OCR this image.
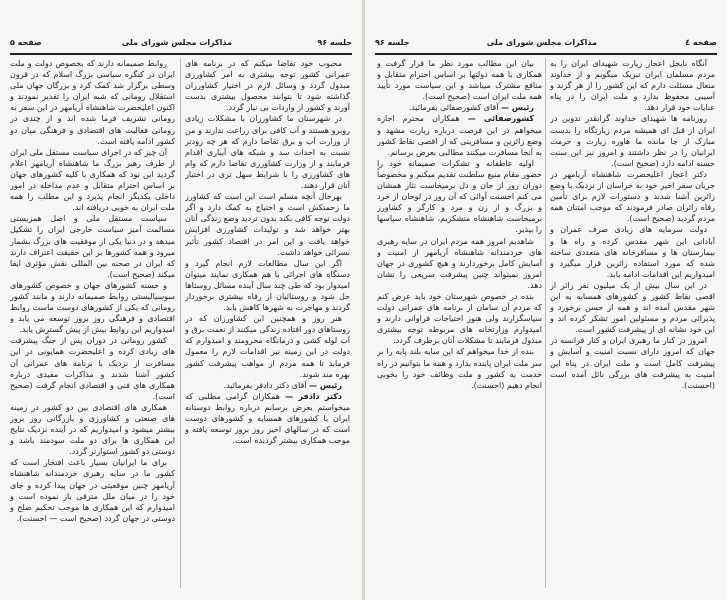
جلسه ۹۶
مذاکرات مجلس شورای ملی
صفحه ۵

محبوب خود تقاضا میکنم که در برنامه های عمرانی کشور توجه بیشتری به امر کشاورزی مبذول گردد و وسائل لازم در اختیار کشاورزان گذاشته شود تا بتوانند محصول بیشتری بدست آورند و کشور از واردات بی نیاز گردد.

در شهرستان ما کشاورزان با مشکلات زیادی روبرو هستند و آب کافی برای زراعت ندارند و من از وزارت آب و برق تقاضا دارم که هر چه زودتر نسبت به احداث سد و شبکه های آبیاری اقدام فرمایند و از وزارت کشاورزی تقاضا دارم که وام های کشاورزی را با شرایط سهل تری در اختیار آنان قرار دهند.

بهرحال آنچه مسلم است این است که کشاورز ما زحمتکش است و احتیاج به کمک دارد و اگر دولت توجه کافی بکند بدون تردید وضع زندگی آنان بهتر خواهد شد و تولیدات کشاورزی افزایش خواهد یافت و این امر در اقتصاد کشور تأثیر بسزائی خواهد داشت.

اگر این سال مطالعات لازم انجام گیرد و دستگاه های اجرائی با هم همکاری نمایند میتوان امیدوار بود که طی چند سال آینده مسائل روستاها حل شود و روستائیان از رفاه بیشتری برخوردار گردند و مهاجرت به شهرها کاهش یابد.

هنر روز و همچنین این کشاورزان که در روستاهای دور افتاده زندگی میکنند از نعمت برق و آب لوله کشی و درمانگاه محرومند و امیدوارم که دولت در این زمینه نیز اقدامات لازم را معمول فرماید تا همه مردم از مواهب پیشرفت کشور بهره مند شوند.

رئیس — آقای دکتر دادفر بفرمائید.

دکتر دادفر — همکاران گرامی مطلبی که میخواستم بعرض برسانم درباره روابط دوستانه ایران با کشورهای همسایه و کشورهای دوست است که در سالهای اخیر روز بروز توسعه یافته و موجب همکاری بیشتر گردیده است.

روابط صمیمانه دارند که بخصوص دولت و ملت ایران در کنگره سیاسی بزرگ اسلام که در قرون وسطی برگزار شد کمک کرد و بزرگان جهان ملی استقلال رومانی که شبه ایران را تقدیر نمودند و اکنون اعلیحضرت شاهنشاه آریامهر در این سفر به رومانی تشریف فرما شده اند و از چندی در رومانی فعالیت های اقتصادی و فرهنگی میان دو کشور ادامه یافته است.

آن چیز که در اجرای سیاست مستقل ملی ایران از طرف رهبر بزرگ ما شاهنشاه آریامهر اعلام گردید این بود که همکاری با کلیه کشورهای جهان بر اساس احترام متقابل و عدم مداخله در امور داخلی یکدیگر انجام پذیرد و این مطلب را همه ملت ایران به خوبی دریافته اند.

سیاست مستقل ملی و اصل همزیستی مسالمت آمیز سیاست خارجی ایران را تشکیل میدهد و در دنیا یکی از موفقیت های بزرگ بشمار میرود و همه کشورها بر این حقیقت اعتراف دارند که ایران در صحنه بین المللی نقش مؤثری ایفا میکند (صحیح است).

و حسنه کشورهای جهان و خصوص کشورهای سوسیالیستی روابط صمیمانه دارند و مانند کشور رومانی که یکی از کشورهای دوست ماست روابط اقتصادی و فرهنگی روز بروز توسعه می یابد و امیدواریم این روابط بیش از پیش گسترش یابد.

کشور رومانی در دوران پس از جنگ پیشرفت های زیادی کرده و اعلیحضرت همایونی در این مسافرت از نزدیک با برنامه های عمرانی آن کشور آشنا شدند و مذاکرات مفیدی درباره همکاری های فنی و اقتصادی انجام گرفت (صحیح است).

همکاری های اقتصادی بین دو کشور در زمینه های صنعتی و کشاورزی و بازرگانی روز بروز بیشتر میشود و امیدواریم که در آینده نزدیک نتایج این همکاری ها برای دو ملت سودمند باشد و دوستی دو کشور استوارتر گردد.

برای ما ایرانیان بسیار باعث افتخار است که کشور ما در سایه رهبری خردمندانه شاهنشاه آریامهر چنین موقعیتی در جهان پیدا کرده و جای خود را در میان ملل مترقی باز نموده است و امیدوارم که این همکاری ها موجب تحکیم صلح و دوستی در جهان گردد (صحیح است — احسنت).

صفحه ٤
مذاکرات مجلس شورای ملی
جلسه ۹۶

آنگاه نایجل اعجاز زیارت شهیدای ایران را به مردم مسلمان ایران تبریک میگویم و از خداوند متعال مسئلت دارم که این کشور را از هر گزند و آسیبی محفوظ بدارد و ملت ایران را در پناه عنایات خود قرار دهد.

روزنامه ها شهیدای خداوند گرانقدر تدوین در ایران از قبل ای همیشه مردم زیارتگاه را بدست مبارک از جا مانده ما هاوره زیارت و حرمت ایرانیان را در نظر داشتند و امروز نیز این سنت حسنه ادامه دارد (صحیح است).

دکتر اعجاز اعلیحضرت شاهنشاه آریامهر در جریان سفر اخیر خود به خراسان از نزدیک با وضع زائرین آشنا شدند و دستورات لازم برای تأمین رفاه زائران صادر فرمودند که موجب امتنان همه مردم گردید (صحیح است).

دولت سرمایه های زیادی صرف عمران و آبادانی این شهر مقدس کرده و راه ها و بیمارستان ها و مسافرخانه های متعددی ساخته شده که مورد استفاده زائرین قرار میگیرد و امیدواریم این اقدامات ادامه یابد.

در این سال بیش از یک میلیون نفر زائر از اقصی نقاط کشور و کشورهای همسایه به این شهر مقدس آمده اند و همه از حسن برخورد و پذیرائی مردم و مسئولین امور تشکر کرده اند و این خود نشانه ای از پیشرفت کشور است.

امروز در کنار ما رهبری ایران و کنار فرانسه در جهان که امروز دارای نسبت امنیت و آسایش و پیشرفت کامل است و ملت ایران در پناه این امنیت به پیشرفت های بزرگی نائل آمده است (احسنت).

بیان این مطالب مورد نظر ما قرار گرفت و همکاری با همه دولتها بر اساس احترام متقابل و منافع مشترک میباشد و این سیاست مورد تأیید همه ملت ایران است (صحیح است).

رئیس — آقای کشورصفائی بفرمائید.

کشورصفائی — همکاران محترم اجازه میخواهم در این فرصت درباره زیارت مشهد و وضع زائرین و مسافرینی که از اقصی نقاط کشور به آنجا مسافرت میکنند مطالبی بعرض برسانم.

اولیه عاطفانه و تشکرات صمیمانه خود را حضور مقام منیع سلطنت تقدیم میکنم و مخصوصاً دوران روز از جان و دل برمیخاست نثار همشان می کنم احسنت آوائی که آن روز در لوحان از خرد و بزرگ و از زن و مرد و کارگر و کشاورز برمیخاست شاهنشاه متشکریم، شاهنشاه سپاسها را بپذیر.

شاهدیم امروز همه مردم ایران در سایه رهبری های خردمندانه شاهنشاه آریامهر از امنیت و آسایش کامل برخوردارند و هیچ کشوری در جهان امروز نمیتواند چنین پیشرفت سریعی را نشان دهد.

بنده در خصوص شهرستان خود باید عرض کنم که مردم آن سامان از برنامه های عمرانی دولت سپاسگزارند ولی هنوز احتیاجات فراوانی دارند و امیدوارم وزارتخانه های مربوطه توجه بیشتری مبذول فرمایند تا مشکلات آنان برطرف گردد.

بنده از خدا میخواهم که این سایه بلند پایه را بر سر ملت ایران پاینده بدارد و همه ما بتوانیم در راه خدمت به کشور و ملت وظائف خود را بخوبی انجام دهیم (احسنت).
